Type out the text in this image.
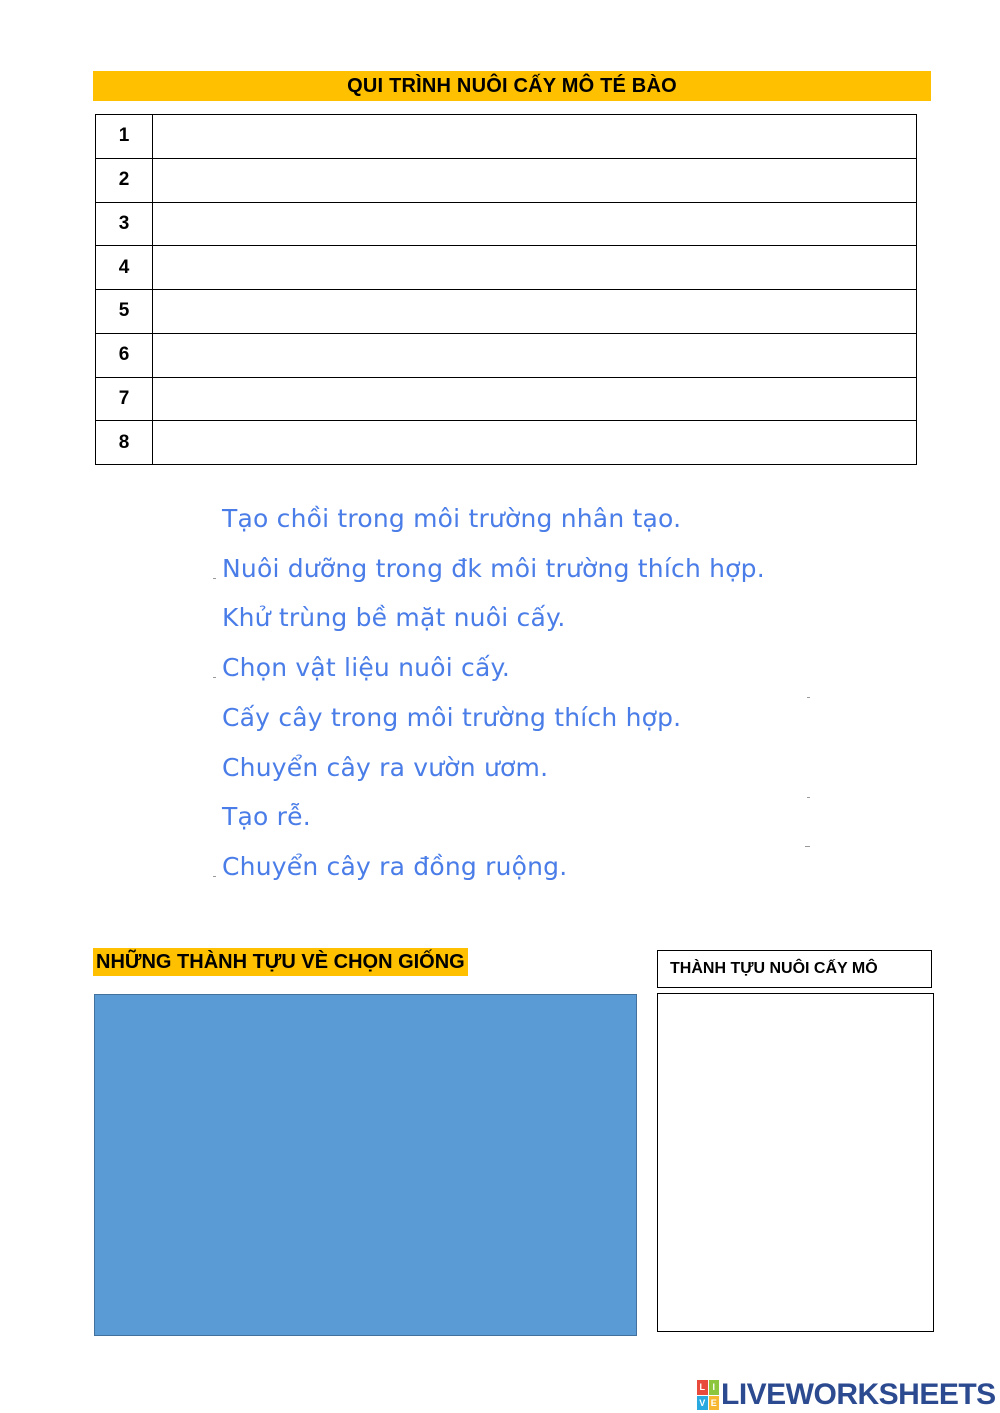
QUI TRÌNH NUÔI CẤY MÔ TÉ BÀO
1	
2	
3	
4	
5	
6	
7	
8	
Tạo chồi trong môi trường nhân tạo.
Nuôi dưỡng trong đk môi trường thích hợp.
Khử trùng bề mặt nuôi cấy.
Chọn vật liệu nuôi cấy.
Cấy cây trong môi trường thích hợp.
Chuyển cây ra vườn ươm.
Tạo rễ.
Chuyển cây ra đồng ruộng.
NHỮNG THÀNH TỰU VÈ CHỌN GIỐNG	THÀNH TỰU NUÔI CẤY MÔ
L I
V E LIVEWORKSHEETS
